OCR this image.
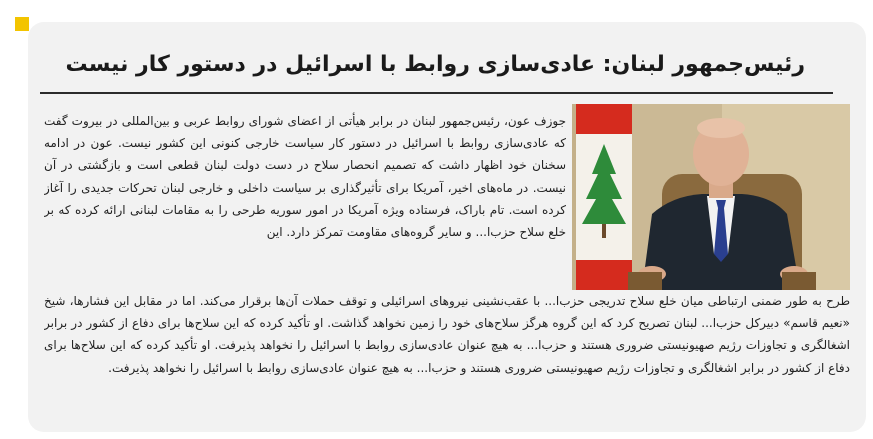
رئیس‌جمهور لبنان: عادی‌سازی روابط با اسرائیل در دستور کار نیست

جوزف عون، رئیس‌جمهور لبنان در برابر هیأتی از اعضای شورای روابط عربی و بین‌المللی در بیروت گفت که عادی‌سازی روابط با اسرائیل در دستور کار سیاست خارجی کنونی این کشور نیست. عون در ادامه سخنان خود اظهار داشت که تصمیم انحصار سلاح در دست دولت لبنان قطعی است و بازگشتی در آن نیست. در ماه‌های اخیر، آمریکا برای تأثیرگذاری بر سیاست داخلی و خارجی لبنان تحرکات جدیدی را آغاز کرده است. تام باراک، فرستاده ویژه آمریکا در امور سوریه طرحی را به مقامات لبنانی ارائه کرده که بر خلع سلاح حزب‌ا... و سایر گروه‌های مقاومت تمرکز دارد. این

طرح به طور ضمنی ارتباطی میان خلع سلاح تدریجی حزب‌ا... با عقب‌نشینی نیروهای اسرائیلی و توقف حملات آن‌ها برقرار می‌کند. اما در مقابل این فشارها، شیخ «نعیم قاسم» دبیرکل حزب‌ا... لبنان تصریح کرد که این گروه هرگز سلاح‌های خود را زمین نخواهد گذاشت. او تأکید کرده که این سلاح‌ها برای دفاع از کشور در برابر اشغالگری و تجاوزات رژیم صهیونیستی ضروری هستند و حزب‌ا... به هیچ عنوان عادی‌سازی روابط با اسرائیل را نخواهد پذیرفت. او تأکید کرده که این سلاح‌ها برای دفاع از کشور در برابر اشغالگری و تجاوزات رژیم صهیونیستی ضروری هستند و حزب‌ا... به هیچ عنوان عادی‌سازی روابط با اسرائیل را نخواهد پذیرفت.
